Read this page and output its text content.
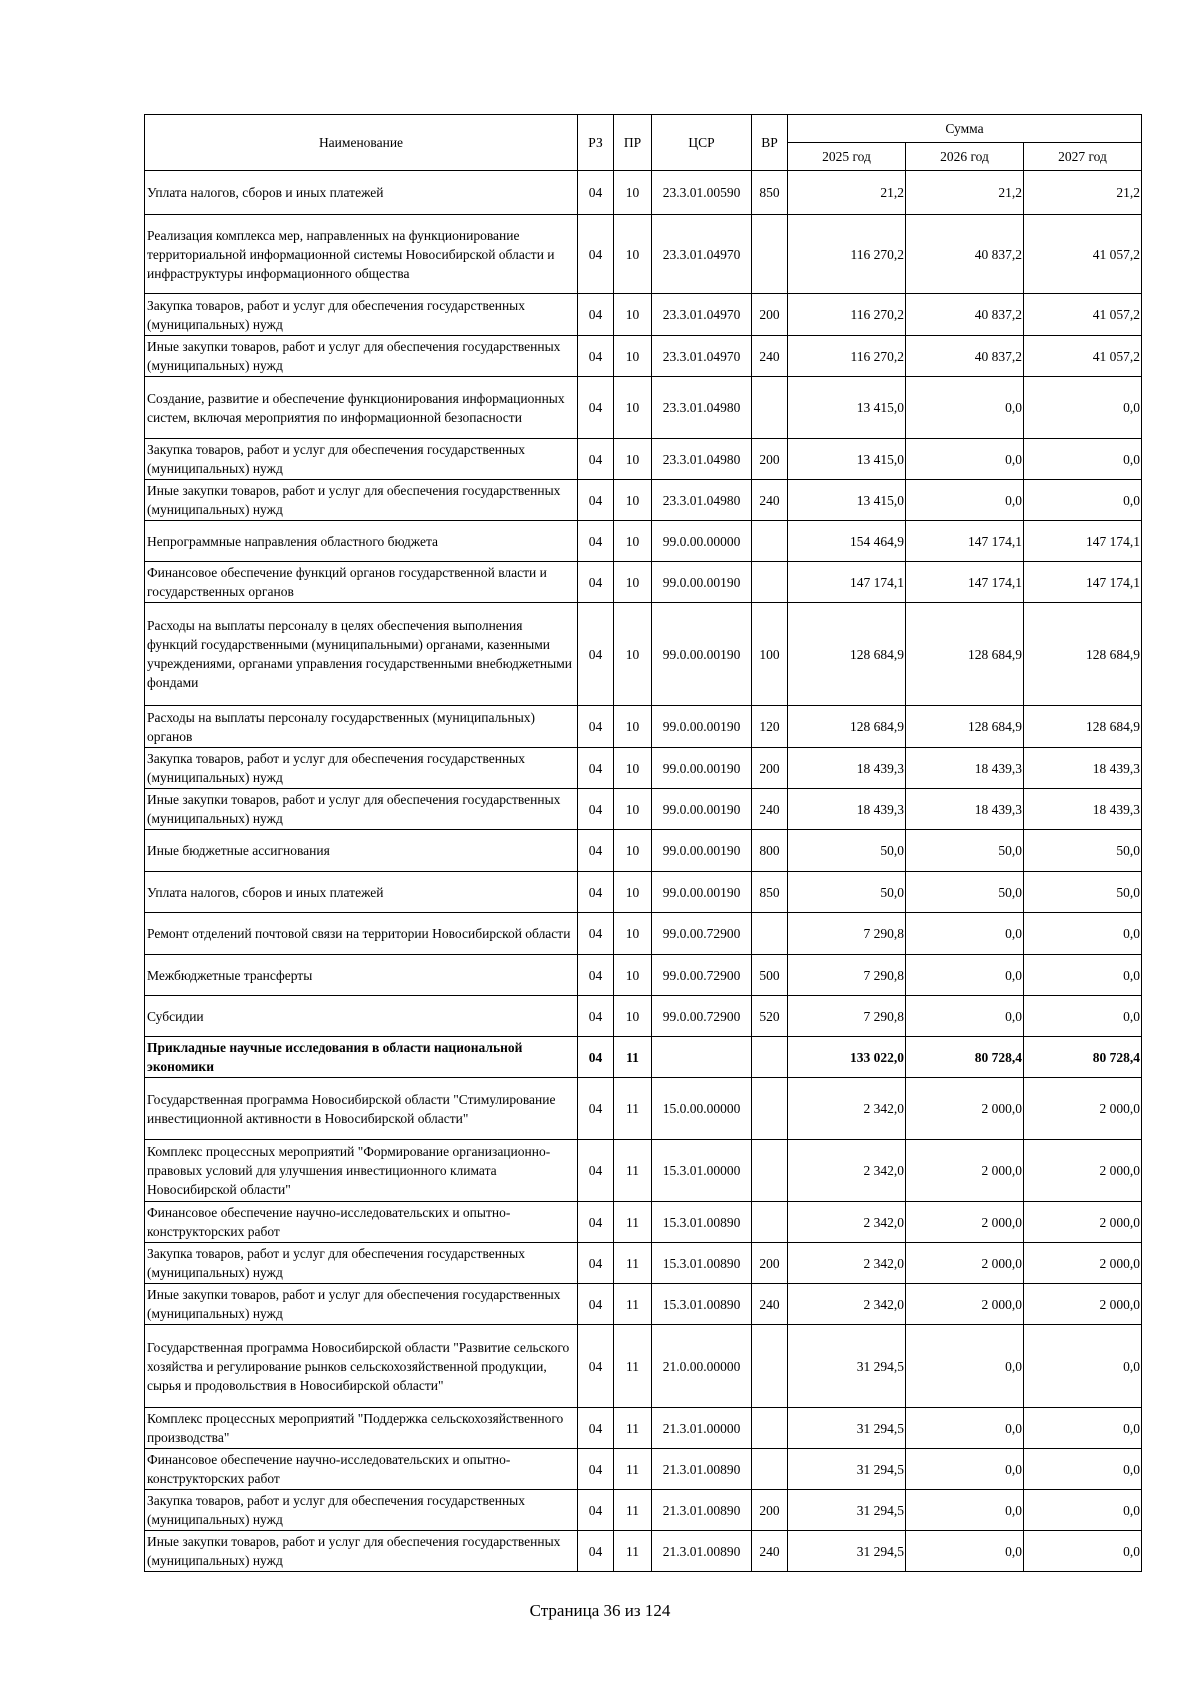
Наименование	РЗ	ПР	ЦСР	ВР	Сумма		
					2025 год	2026 год	2027 год
Уплата налогов, сборов и иных платежей	04	10	23.3.01.00590	850	21,2	21,2	21,2
Реализация комплекса мер, направленных на функционирование территориальной информационной системы Новосибирской области и инфраструктуры информационного общества	04	10	23.3.01.04970		116 270,2	40 837,2	41 057,2
Закупка товаров, работ и услуг для обеспечения государственных (муниципальных) нужд	04	10	23.3.01.04970	200	116 270,2	40 837,2	41 057,2
Иные закупки товаров, работ и услуг для обеспечения государственных (муниципальных) нужд	04	10	23.3.01.04970	240	116 270,2	40 837,2	41 057,2
Создание, развитие и обеспечение функционирования информационных систем, включая мероприятия по информационной безопасности	04	10	23.3.01.04980		13 415,0	0,0	0,0
Закупка товаров, работ и услуг для обеспечения государственных (муниципальных) нужд	04	10	23.3.01.04980	200	13 415,0	0,0	0,0
Иные закупки товаров, работ и услуг для обеспечения государственных (муниципальных) нужд	04	10	23.3.01.04980	240	13 415,0	0,0	0,0
Непрограммные направления областного бюджета	04	10	99.0.00.00000		154 464,9	147 174,1	147 174,1
Финансовое обеспечение функций органов государственной власти и государственных органов	04	10	99.0.00.00190		147 174,1	147 174,1	147 174,1
Расходы на выплаты персоналу в целях обеспечения выполнения функций государственными (муниципальными) органами, казенными учреждениями, органами управления государственными внебюджетными фондами	04	10	99.0.00.00190	100	128 684,9	128 684,9	128 684,9
Расходы на выплаты персоналу государственных (муниципальных) органов	04	10	99.0.00.00190	120	128 684,9	128 684,9	128 684,9
Закупка товаров, работ и услуг для обеспечения государственных (муниципальных) нужд	04	10	99.0.00.00190	200	18 439,3	18 439,3	18 439,3
Иные закупки товаров, работ и услуг для обеспечения государственных (муниципальных) нужд	04	10	99.0.00.00190	240	18 439,3	18 439,3	18 439,3
Иные бюджетные ассигнования	04	10	99.0.00.00190	800	50,0	50,0	50,0
Уплата налогов, сборов и иных платежей	04	10	99.0.00.00190	850	50,0	50,0	50,0
Ремонт отделений почтовой связи на территории Новосибирской области	04	10	99.0.00.72900		7 290,8	0,0	0,0
Межбюджетные трансферты	04	10	99.0.00.72900	500	7 290,8	0,0	0,0
Субсидии	04	10	99.0.00.72900	520	7 290,8	0,0	0,0
Прикладные научные исследования в области национальной экономики	04	11			133 022,0	80 728,4	80 728,4
Государственная программа Новосибирской области "Стимулирование инвестиционной активности в Новосибирской области"	04	11	15.0.00.00000		2 342,0	2 000,0	2 000,0
Комплекс процессных мероприятий "Формирование организационно-правовых условий для улучшения инвестиционного климата Новосибирской области"	04	11	15.3.01.00000		2 342,0	2 000,0	2 000,0
Финансовое обеспечение научно-исследовательских и опытно-конструкторских работ	04	11	15.3.01.00890		2 342,0	2 000,0	2 000,0
Закупка товаров, работ и услуг для обеспечения государственных (муниципальных) нужд	04	11	15.3.01.00890	200	2 342,0	2 000,0	2 000,0
Иные закупки товаров, работ и услуг для обеспечения государственных (муниципальных) нужд	04	11	15.3.01.00890	240	2 342,0	2 000,0	2 000,0
Государственная программа Новосибирской области "Развитие сельского хозяйства и регулирование рынков сельскохозяйственной продукции, сырья и продовольствия в Новосибирской области"	04	11	21.0.00.00000		31 294,5	0,0	0,0
Комплекс процессных мероприятий "Поддержка сельскохозяйственного производства"	04	11	21.3.01.00000		31 294,5	0,0	0,0
Финансовое обеспечение научно-исследовательских и опытно-конструкторских работ	04	11	21.3.01.00890		31 294,5	0,0	0,0
Закупка товаров, работ и услуг для обеспечения государственных (муниципальных) нужд	04	11	21.3.01.00890	200	31 294,5	0,0	0,0
Иные закупки товаров, работ и услуг для обеспечения государственных (муниципальных) нужд	04	11	21.3.01.00890	240	31 294,5	0,0	0,0
Страница 36 из 124
